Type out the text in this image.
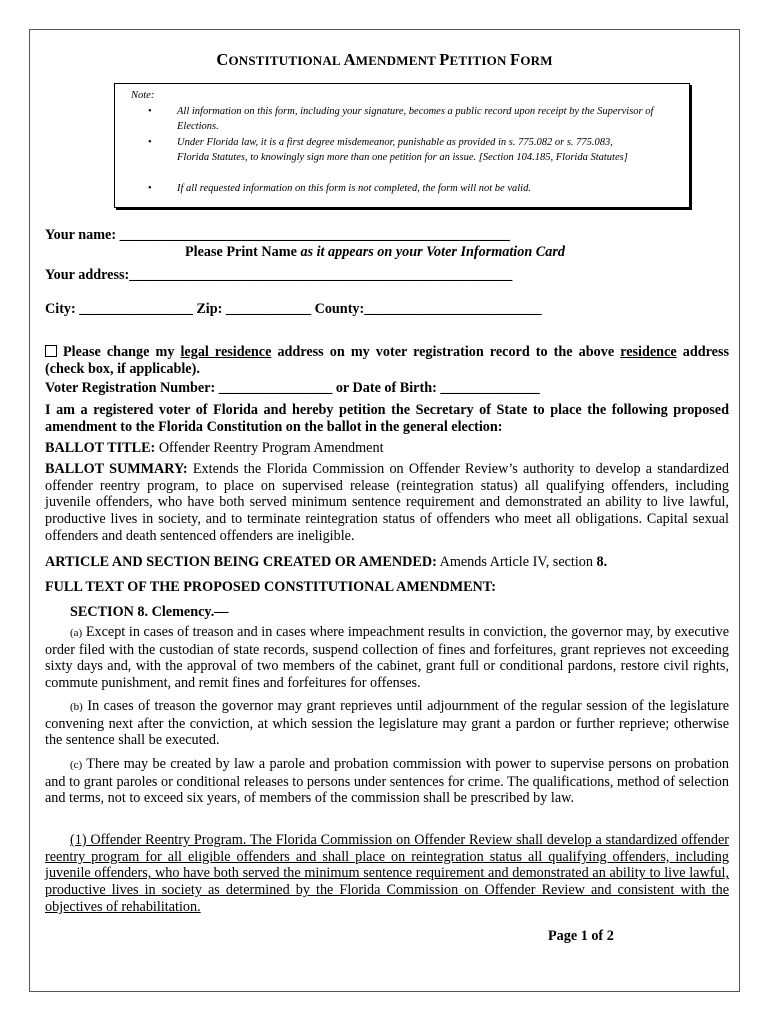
CONSTITUTIONAL AMENDMENT PETITION FORM
Note:
• All information on this form, including your signature, becomes a public record upon receipt by the Supervisor of Elections.
• Under Florida law, it is a first degree misdemeanor, punishable as provided in s. 775.082 or s. 775.083, Florida Statutes, to knowingly sign more than one petition for an issue. [Section 104.185, Florida Statutes]
• If all requested information on this form is not completed, the form will not be valid.
Your name: _______________________________________________________
Please Print Name as it appears on your Voter Information Card
Your address:______________________________________________________
City: ________________ Zip: ____________ County:_________________________
Please change my legal residence address on my voter registration record to the above residence address (check box, if applicable).
Voter Registration Number: ________________ or Date of Birth: ______________
I am a registered voter of Florida and hereby petition the Secretary of State to place the following proposed amendment to the Florida Constitution on the ballot in the general election:
BALLOT TITLE: Offender Reentry Program Amendment
BALLOT SUMMARY: Extends the Florida Commission on Offender Review’s authority to develop a standardized offender reentry program, to place on supervised release (reintegration status) all qualifying offenders, including juvenile offenders, who have both served minimum sentence requirement and demonstrated an ability to live lawful, productive lives in society, and to terminate reintegration status of offenders who meet all obligations. Capital sexual offenders and death sentenced offenders are ineligible.
ARTICLE AND SECTION BEING CREATED OR AMENDED: Amends Article IV, section 8.
FULL TEXT OF THE PROPOSED CONSTITUTIONAL AMENDMENT:
SECTION 8. Clemency.—
(a) Except in cases of treason and in cases where impeachment results in conviction, the governor may, by executive order filed with the custodian of state records, suspend collection of fines and forfeitures, grant reprieves not exceeding sixty days and, with the approval of two members of the cabinet, grant full or conditional pardons, restore civil rights, commute punishment, and remit fines and forfeitures for offenses.
(b) In cases of treason the governor may grant reprieves until adjournment of the regular session of the legislature convening next after the conviction, at which session the legislature may grant a pardon or further reprieve; otherwise the sentence shall be executed.
(c) There may be created by law a parole and probation commission with power to supervise persons on probation and to grant paroles or conditional releases to persons under sentences for crime. The qualifications, method of selection and terms, not to exceed six years, of members of the commission shall be prescribed by law.
(1) Offender Reentry Program. The Florida Commission on Offender Review shall develop a standardized offender reentry program for all eligible offenders and shall place on reintegration status all qualifying offenders, including juvenile offenders, who have both served the minimum sentence requirement and demonstrated an ability to live lawful, productive lives in society as determined by the Florida Commission on Offender Review and consistent with the objectives of rehabilitation.
Page 1 of 2
